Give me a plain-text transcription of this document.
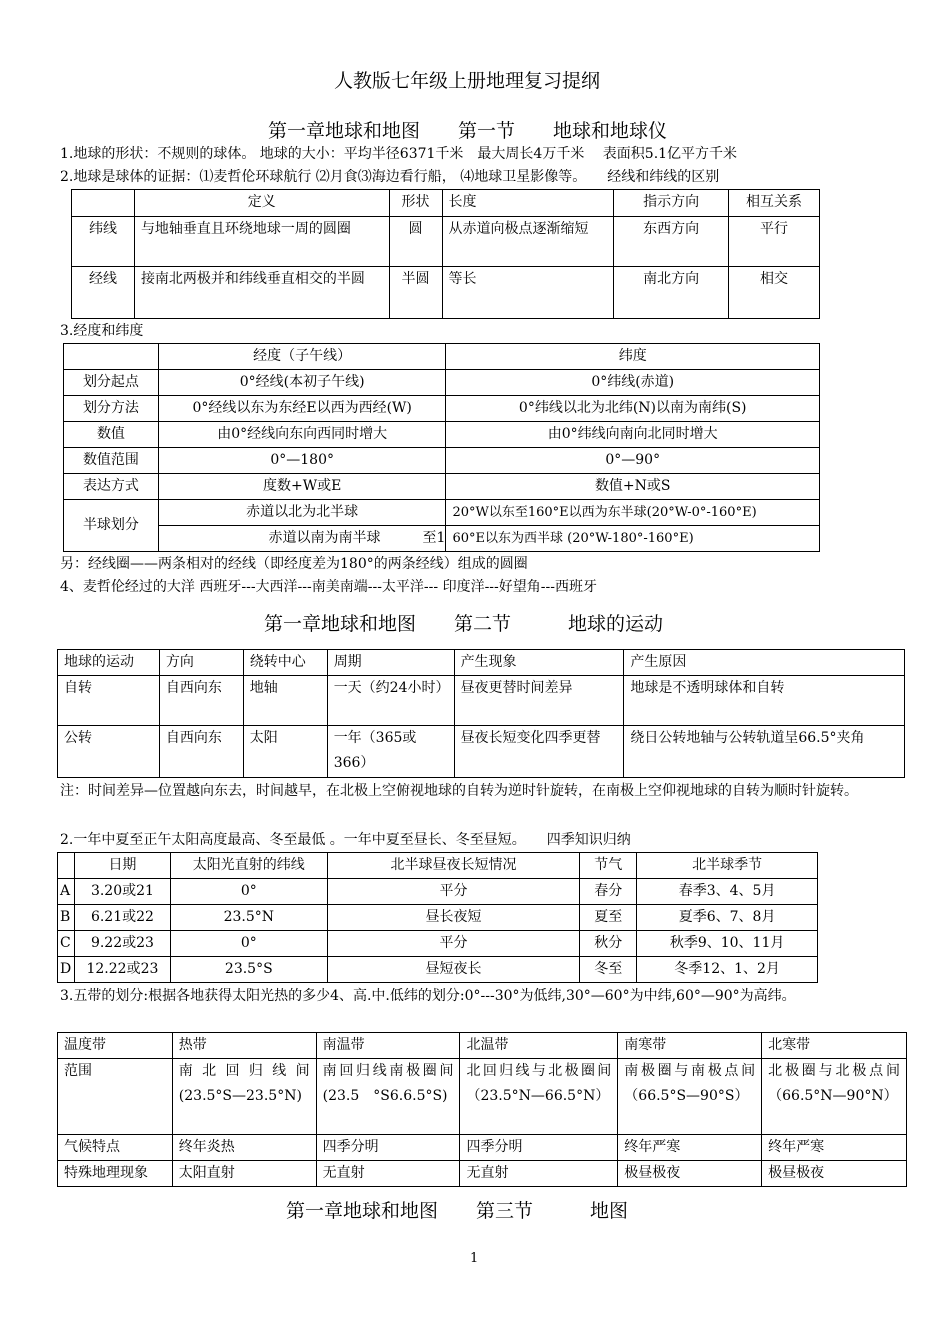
人教版七年级上册地理复习提纲
第一章地球和地图　　第一节　　地球和地球仪
1.地球的形状：不规则的球体。 地球的大小：平均半径6371千米　最大周长4万千米　 表面积5.1亿平方千米
2.地球是球体的证据：⑴麦哲伦环球航行 ⑵月食⑶海边看行船， ⑷地球卫星影像等。　　经线和纬线的区别
	定义	形状	长度	指示方向	相互关系
纬线	与地轴垂直且环绕地球一周的圆圈	圆	从赤道向极点逐渐缩短	东西方向	平行
经线	接南北两极并和纬线垂直相交的半圆	半圆	等长	南北方向	相交
3.经度和纬度
	经度（子午线）	纬度
划分起点	0°经线(本初子午线)	0°纬线(赤道)
划分方法	0°经线以东为东经E以西为西经(W)	0°纬线以北为北纬(N)以南为南纬(S)
数值	由0°经线向东向西同时增大	由0°纬线向南向北同时增大
数值范围	0°—180°	0°—90°
表达方式	度数+W或E	数值+N或S
半球划分	赤道以北为北半球	20°W以东至160°E以西为东半球(20°W-0°-160°E)
	赤道以南为南半球　　　至1	60°E以东为西半球 (20°W-180°-160°E)
另：经线圈——两条相对的经线（即经度差为180°的两条经线）组成的圆圈
4、麦哲伦经过的大洋 西班牙---大西洋---南美南端---太平洋--- 印度洋---好望角---西班牙
第一章地球和地图　　第二节　　　地球的运动
地球的运动	方向	绕转中心	周期	产生现象	产生原因
自转	自西向东	地轴	一天（约24小时）	昼夜更替时间差异	地球是不透明球体和自转
公转	自西向东	太阳	一年（365或366）	昼夜长短变化四季更替	绕日公转地轴与公转轨道呈66.5°夹角
注：时间差异—位置越向东去，时间越早，在北极上空俯视地球的自转为逆时针旋转，在南极上空仰视地球的自转为顺时针旋转。
2.一年中夏至正午太阳高度最高、冬至最低 。一年中夏至昼长、冬至昼短。　　四季知识归纳
	日期	太阳光直射的纬线	北半球昼夜长短情况	节气	北半球季节
A	3.20或21	0°	平分	春分	春季3、4、5月
B	6.21或22	23.5°N	昼长夜短	夏至	夏季6、7、8月
C	9.22或23	0°	平分	秋分	秋季9、10、11月
D	12.22或23	23.5°S	昼短夜长	冬至	冬季12、1、2月
3.五带的划分:根据各地获得太阳光热的多少4、高.中.低纬的划分:0°---30°为低纬,30°—60°为中纬,60°—90°为高纬。
温度带	热带	南温带	北温带	南寒带	北寒带
范围	南北回归线间(23.5°S—23.5°N)	南回归线南极圈间　(23.5　°S6.6.5°S)	北回归线与北极圈间（23.5°N—66.5°N）	南极圈与南极点间（66.5°S—90°S）	北极圈与北极点间（66.5°N—90°N）
气候特点	终年炎热	四季分明	四季分明	终年严寒	终年严寒
特殊地理现象	太阳直射	无直射	无直射	极昼极夜	极昼极夜
第一章地球和地图　　第三节　　　地图
1
